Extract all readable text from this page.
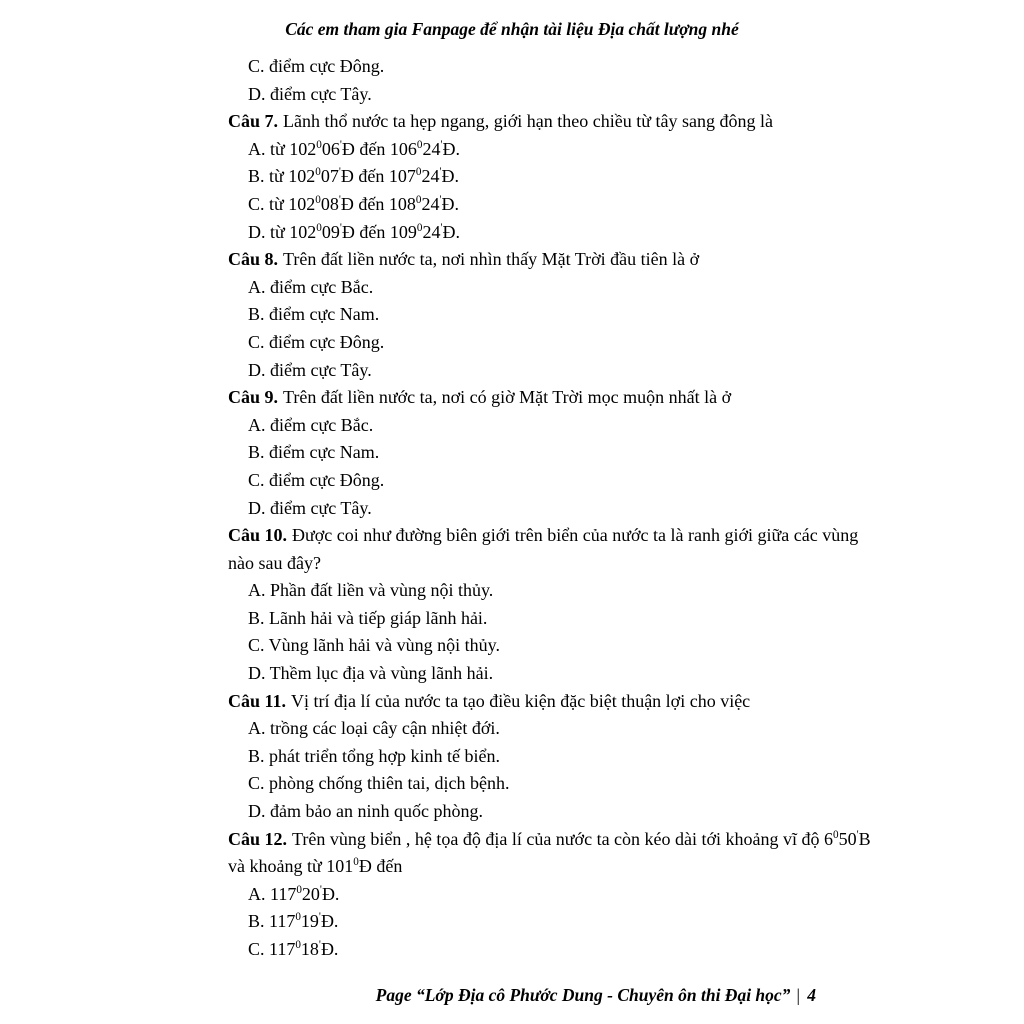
Các em tham gia Fanpage để nhận tài liệu Địa chất lượng nhé
C. điểm cực Đông.
D. điểm cực Tây.
Câu 7. Lãnh thổ nước ta hẹp ngang, giới hạn theo chiều từ tây sang đông là
A. từ $102^006'Đ$ đến $106^024'Đ$.
B. từ $102^007'Đ$ đến $107^024'Đ$.
C. từ $102^008'Đ$ đến $108^024'Đ$.
D. từ $102^009'Đ$ đến $109^024'Đ$.
Câu 8. Trên đất liền nước ta, nơi nhìn thấy Mặt Trời đầu tiên là ở
A. điểm cực Bắc.
B. điểm cực Nam.
C. điểm cực Đông.
D. điểm cực Tây.
Câu 9. Trên đất liền nước ta, nơi có giờ Mặt Trời mọc muộn nhất là ở
A. điểm cực Bắc.
B. điểm cực Nam.
C. điểm cực Đông.
D. điểm cực Tây.
Câu 10. Được coi như đường biên giới trên biển của nước ta là ranh giới giữa các vùng nào sau đây?
A. Phần đất liền và vùng nội thủy.
B. Lãnh hải và tiếp giáp lãnh hải.
C. Vùng lãnh hải và vùng nội thủy.
D. Thềm lục địa và vùng lãnh hải.
Câu 11. Vị trí địa lí của nước ta tạo điều kiện đặc biệt thuận lợi cho việc
A. trồng các loại cây cận nhiệt đới.
B. phát triển tổng hợp kinh tế biển.
C. phòng chống thiên tai, dịch bệnh.
D. đảm bảo an ninh quốc phòng.
Câu 12. Trên vùng biển , hệ tọa độ địa lí của nước ta còn kéo dài tới khoảng vĩ độ $6^050'B$ và khoảng từ $101^0Đ$ đến
A. $117^020'Đ$.
B. $117^019'Đ$.
C. $117^018'Đ$.
Page “Lớp Địa cô Phước Dung - Chuyên ôn thi Đại học” | 4
